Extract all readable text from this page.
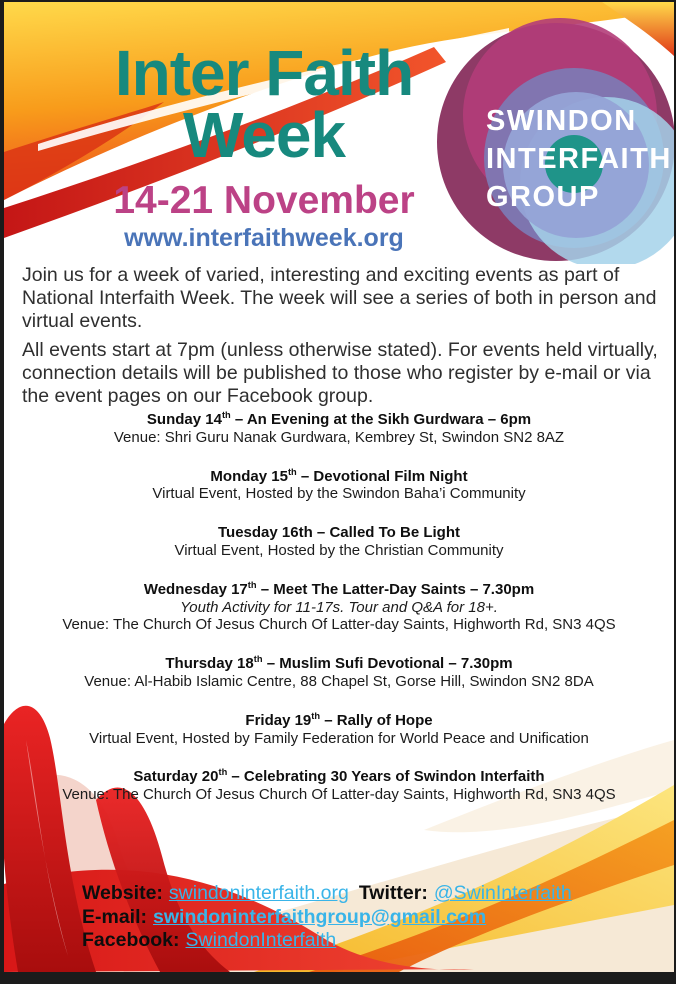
SWINDON
INTERFAITH
GROUP
Inter Faith
Week
14-21 November
www.interfaithweek.org
Join us for a week of varied, interesting and exciting events as part of National Interfaith Week. The week will see a series of both in person and virtual events.
All events start at 7pm (unless otherwise stated). For events held virtually, connection details will be published to those who register by e-mail or via the event pages on our Facebook group.
Sunday 14th – An Evening at the Sikh Gurdwara – 6pm
Venue: Shri Guru Nanak Gurdwara, Kembrey St, Swindon SN2 8AZ
Monday 15th – Devotional Film Night
Virtual Event, Hosted by the Swindon Baha’i Community
Tuesday 16th – Called To Be Light
Virtual Event, Hosted by the Christian Community
Wednesday 17th – Meet The Latter-Day Saints – 7.30pm
Youth Activity for 11-17s. Tour and Q&A for 18+.
Venue: The Church Of Jesus Church Of Latter-day Saints, Highworth Rd, SN3 4QS
Thursday 18th – Muslim Sufi Devotional – 7.30pm
Venue: Al-Habib Islamic Centre, 88 Chapel St, Gorse Hill, Swindon SN2 8DA
Friday 19th – Rally of Hope
Virtual Event, Hosted by Family Federation for World Peace and Unification
Saturday 20th – Celebrating 30 Years of Swindon Interfaith
Venue: The Church Of Jesus Church Of Latter-day Saints, Highworth Rd, SN3 4QS
Website: swindoninterfaith.org Twitter: @SwinInterfaith
E-mail: swindoninterfaithgroup@gmail.com
Facebook: SwindonInterfaith
